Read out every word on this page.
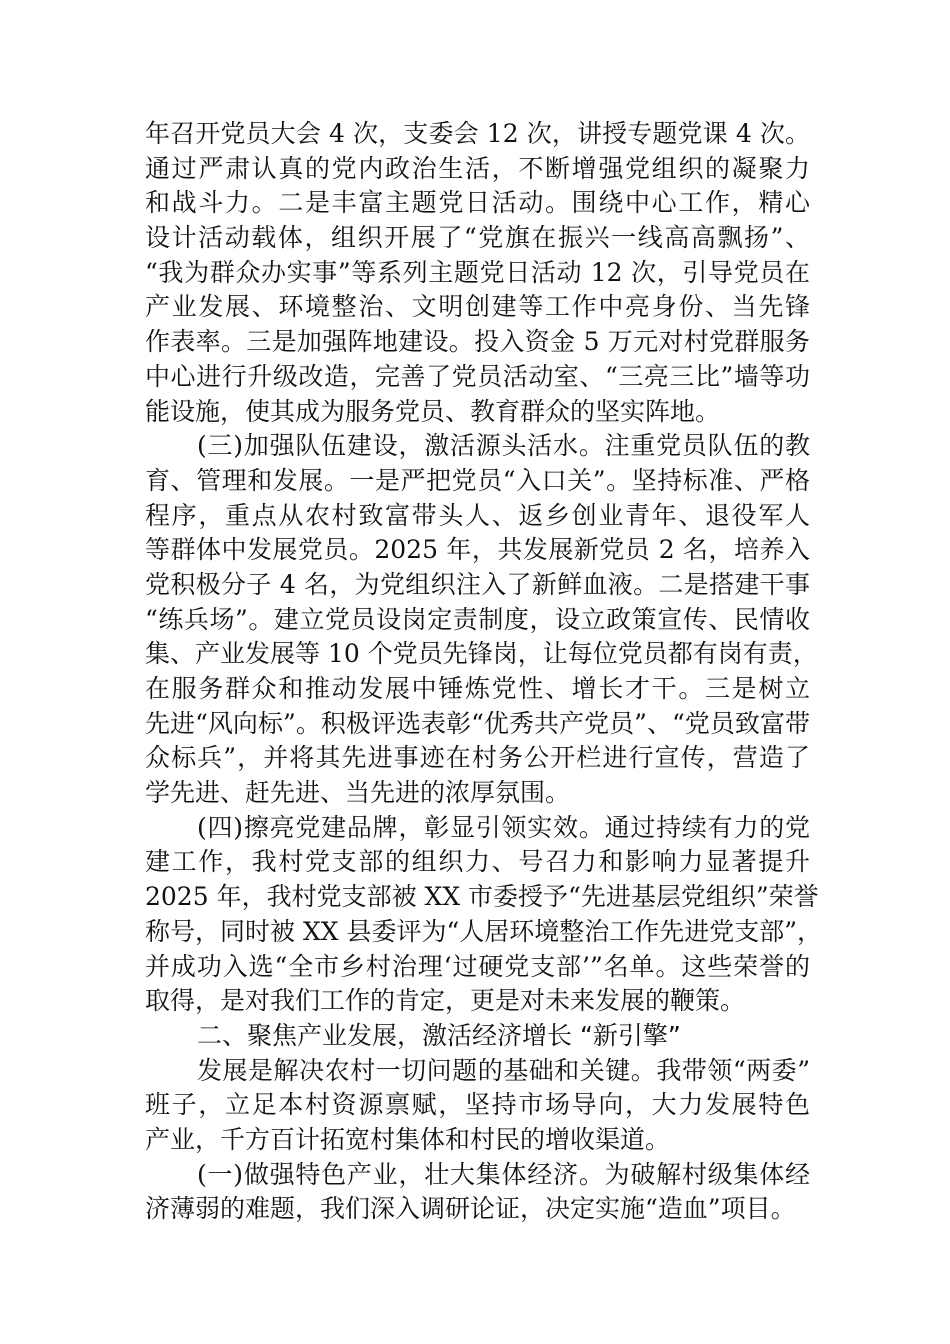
年召开党员大会 4 次，支委会 12 次，讲授专题党课 4 次。
通过严肃认真的党内政治生活，不断增强党组织的凝聚力
和战斗力。二是丰富主题党日活动。围绕中心工作，精心
设计活动载体，组织开展了“党旗在振兴一线高高飘扬”、
“我为群众办实事”等系列主题党日活动 12 次，引导党员在
产业发展、环境整治、文明创建等工作中亮身份、当先锋
作表率。三是加强阵地建设。投入资金 5 万元对村党群服务
中心进行升级改造，完善了党员活动室、“三亮三比”墙等功
能设施，使其成为服务党员、教育群众的坚实阵地。
(三)加强队伍建设，激活源头活水。注重党员队伍的教
育、管理和发展。一是严把党员“入口关”。坚持标准、严格
程序，重点从农村致富带头人、返乡创业青年、退役军人
等群体中发展党员。2025 年，共发展新党员 2 名，培养入
党积极分子 4 名，为党组织注入了新鲜血液。二是搭建干事
“练兵场”。建立党员设岗定责制度，设立政策宣传、民情收
集、产业发展等 10 个党员先锋岗，让每位党员都有岗有责，
在服务群众和推动发展中锤炼党性、增长才干。三是树立
先进“风向标”。积极评选表彰“优秀共产党员”、“党员致富带
众标兵”，并将其先进事迹在村务公开栏进行宣传，营造了
学先进、赶先进、当先进的浓厚氛围。
(四)擦亮党建品牌，彰显引领实效。通过持续有力的党
建工作，我村党支部的组织力、号召力和影响力显著提升
2025 年，我村党支部被 XX 市委授予“先进基层党组织”荣誉
称号，同时被 XX 县委评为“人居环境整治工作先进党支部”，
并成功入选“全市乡村治理‘过硬党支部’”名单。这些荣誉的
取得，是对我们工作的肯定，更是对未来发展的鞭策。
二、聚焦产业发展，激活经济增长 “新引擎”
发展是解决农村一切问题的基础和关键。我带领“两委”
班子，立足本村资源禀赋，坚持市场导向，大力发展特色
产业，千方百计拓宽村集体和村民的增收渠道。
(一)做强特色产业，壮大集体经济。为破解村级集体经
济薄弱的难题，我们深入调研论证，决定实施“造血”项目。
